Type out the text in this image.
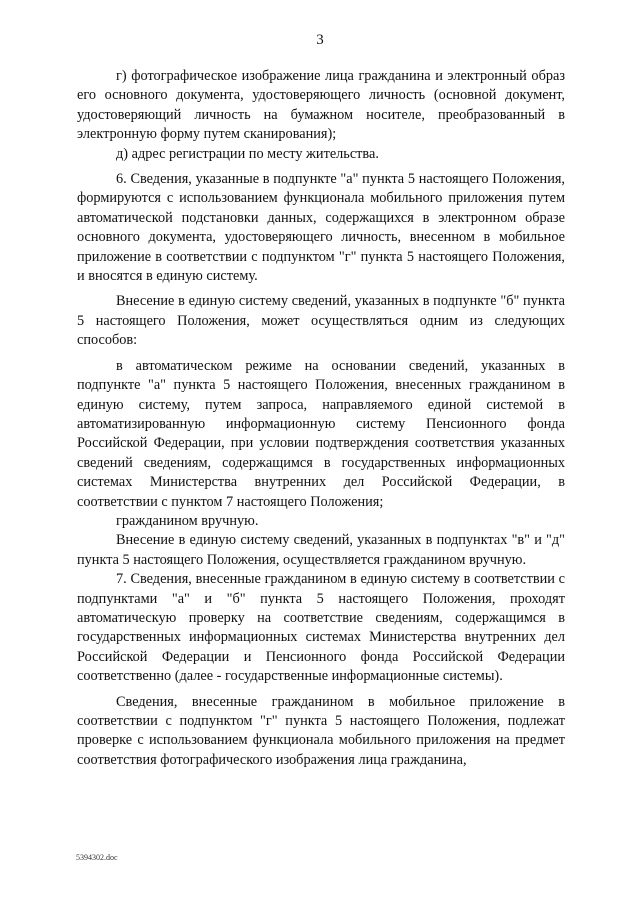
3

г) фотографическое изображение лица гражданина и электронный образ его основного документа, удостоверяющего личность (основной документ, удостоверяющий личность на бумажном носителе, преобразованный в электронную форму путем сканирования);

д) адрес регистрации по месту жительства.

6. Сведения, указанные в подпункте "а" пункта 5 настоящего Положения, формируются с использованием функционала мобильного приложения путем автоматической подстановки данных, содержащихся в электронном образе основного документа, удостоверяющего личность, внесенном в мобильное приложение в соответствии с подпунктом "г" пункта 5 настоящего Положения, и вносятся в единую систему.

Внесение в единую систему сведений, указанных в подпункте "б" пункта 5 настоящего Положения, может осуществляться одним из следующих способов:

в автоматическом режиме на основании сведений, указанных в подпункте "а" пункта 5 настоящего Положения, внесенных гражданином в единую систему, путем запроса, направляемого единой системой в автоматизированную информационную систему Пенсионного фонда Российской Федерации, при условии подтверждения соответствия указанных сведений сведениям, содержащимся в государственных информационных системах Министерства внутренних дел Российской Федерации, в соответствии с пунктом 7 настоящего Положения;

гражданином вручную.

Внесение в единую систему сведений, указанных в подпунктах "в" и "д" пункта 5 настоящего Положения, осуществляется гражданином вручную.

7. Сведения, внесенные гражданином в единую систему в соответствии с подпунктами "а" и "б" пункта 5 настоящего Положения, проходят автоматическую проверку на соответствие сведениям, содержащимся в государственных информационных системах Министерства внутренних дел Российской Федерации и Пенсионного фонда Российской Федерации соответственно (далее - государственные информационные системы).

Сведения, внесенные гражданином в мобильное приложение в соответствии с подпунктом "г" пункта 5 настоящего Положения, подлежат проверке с использованием функционала мобильного приложения на предмет соответствия фотографического изображения лица гражданина,

5394302.doc
